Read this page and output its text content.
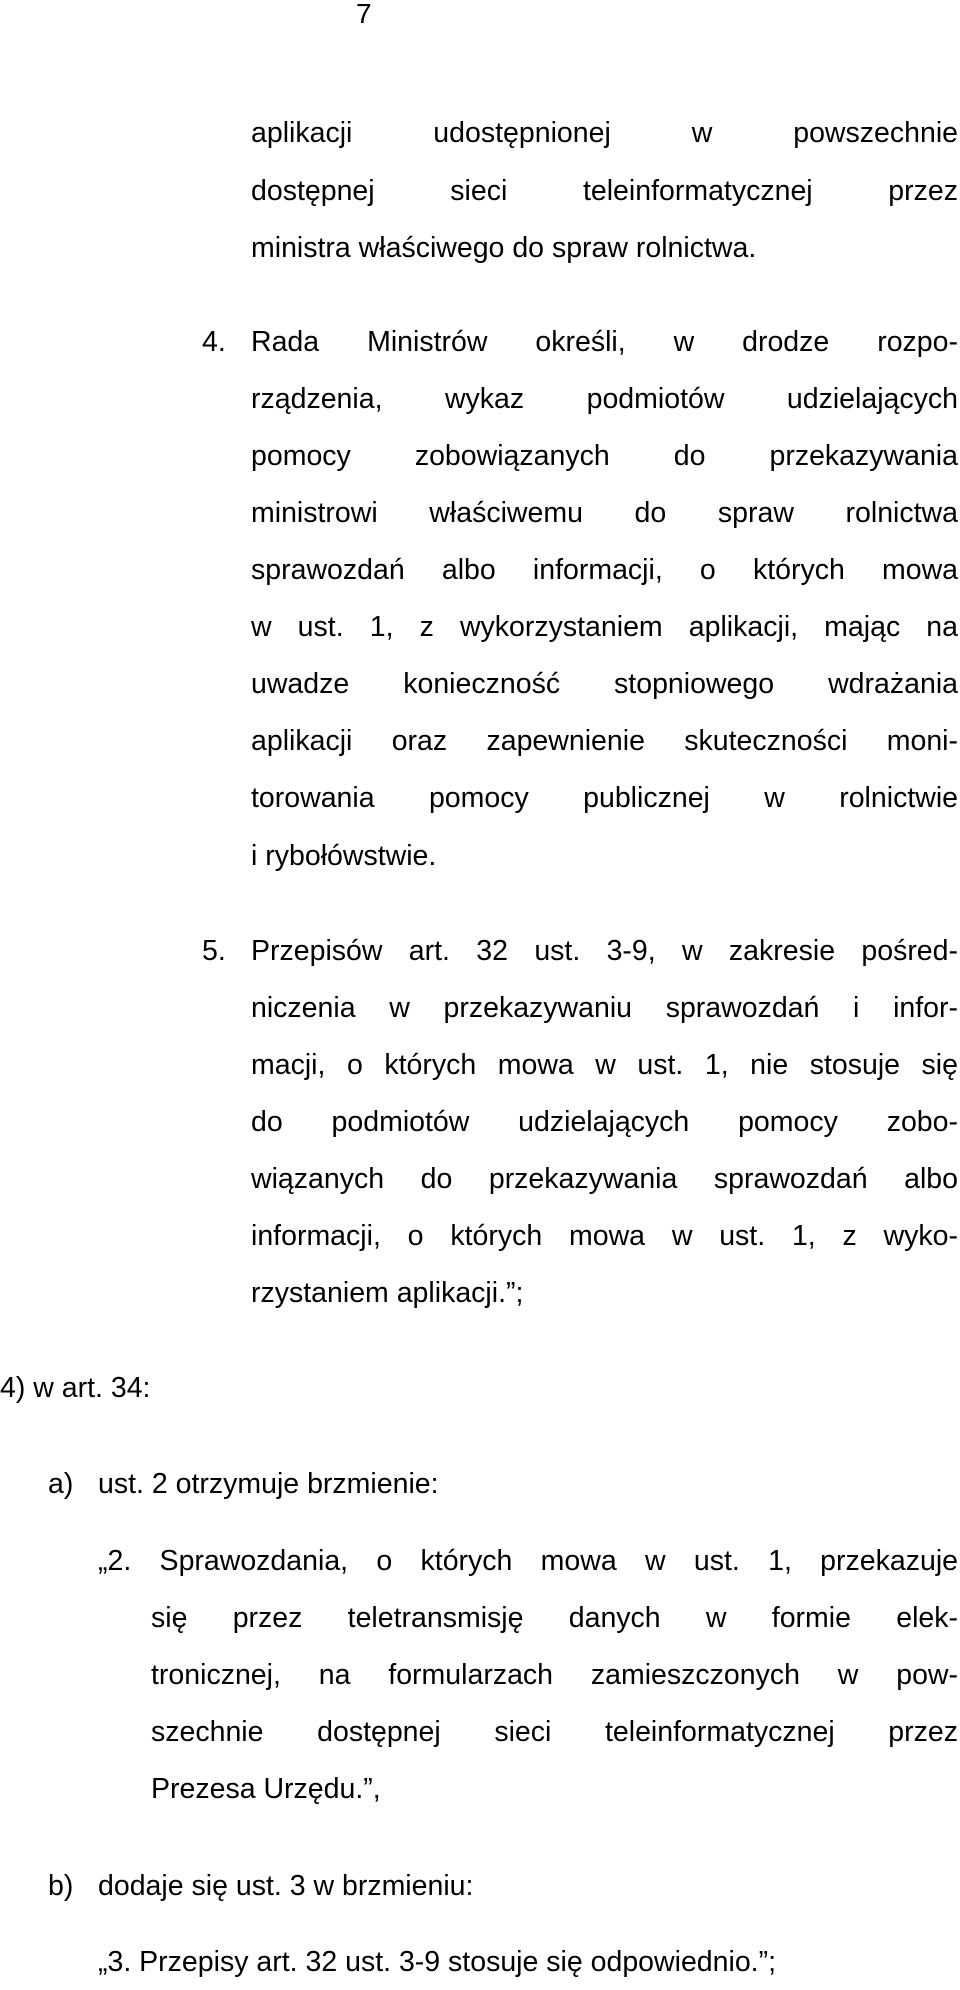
7
aplikacji udostępnionej w powszechnie
dostępnej sieci teleinformatycznej przez
ministra właściwego do spraw rolnictwa.
4. Rada Ministrów określi, w drodze rozpo-
rządzenia, wykaz podmiotów udzielających
pomocy zobowiązanych do przekazywania
ministrowi właściwemu do spraw rolnictwa
sprawozdań albo informacji, o których mowa
w ust. 1, z wykorzystaniem aplikacji, mając na
uwadze konieczność stopniowego wdrażania
aplikacji oraz zapewnienie skuteczności moni-
torowania pomocy publicznej w rolnictwie
i rybołówstwie.
5. Przepisów art. 32 ust. 3-9, w zakresie pośred-
niczenia w przekazywaniu sprawozdań i infor-
macji, o których mowa w ust. 1, nie stosuje się
do podmiotów udzielających pomocy zobo-
wiązanych do przekazywania sprawozdań albo
informacji, o których mowa w ust. 1, z wyko-
rzystaniem aplikacji.”;
4) w art. 34:
a) ust. 2 otrzymuje brzmienie:
„2. Sprawozdania, o których mowa w ust. 1, przekazuje
się przez teletransmisję danych w formie elek-
tronicznej, na formularzach zamieszczonych w pow-
szechnie dostępnej sieci teleinformatycznej przez
Prezesa Urzędu.”,
b) dodaje się ust. 3 w brzmieniu:
„3. Przepisy art. 32 ust. 3-9 stosuje się odpowiednio.”;
